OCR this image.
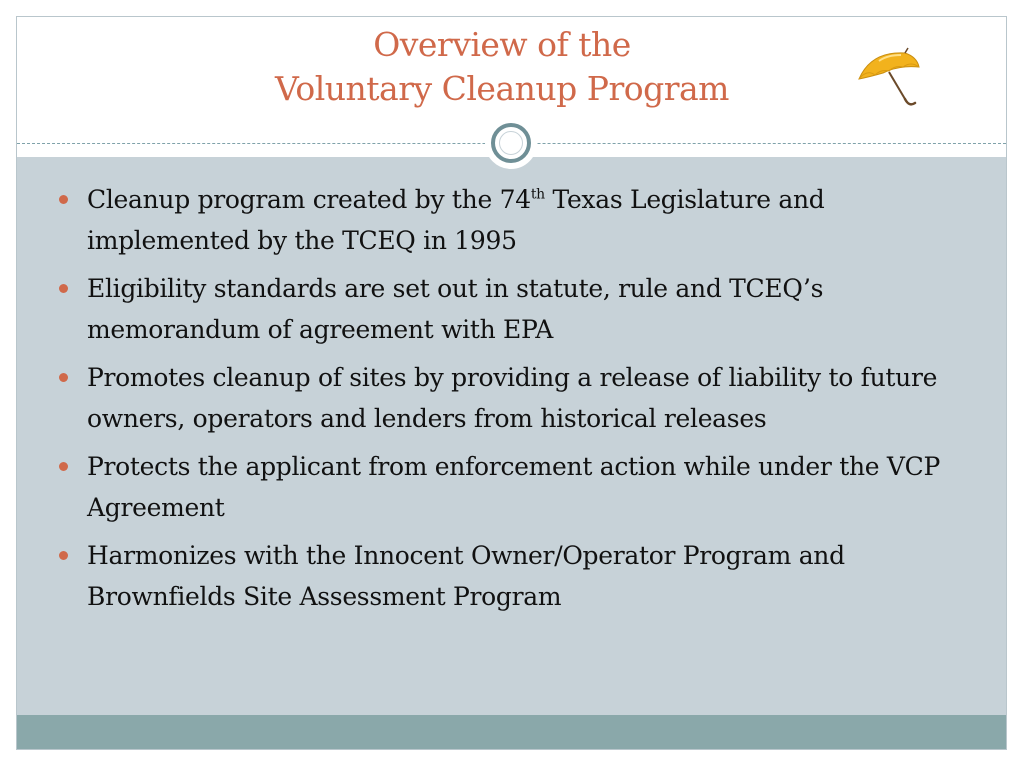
Overview of the
Voluntary Cleanup Program
Cleanup program created by the 74th Texas Legislature and implemented by the TCEQ in 1995
Eligibility standards are set out in statute, rule and TCEQ’s memorandum of agreement with EPA
Promotes cleanup of sites by providing a release of liability to future owners, operators and lenders from historical releases
Protects the applicant from enforcement action while under the VCP Agreement
Harmonizes with the Innocent Owner/Operator Program and Brownfields Site Assessment Program
